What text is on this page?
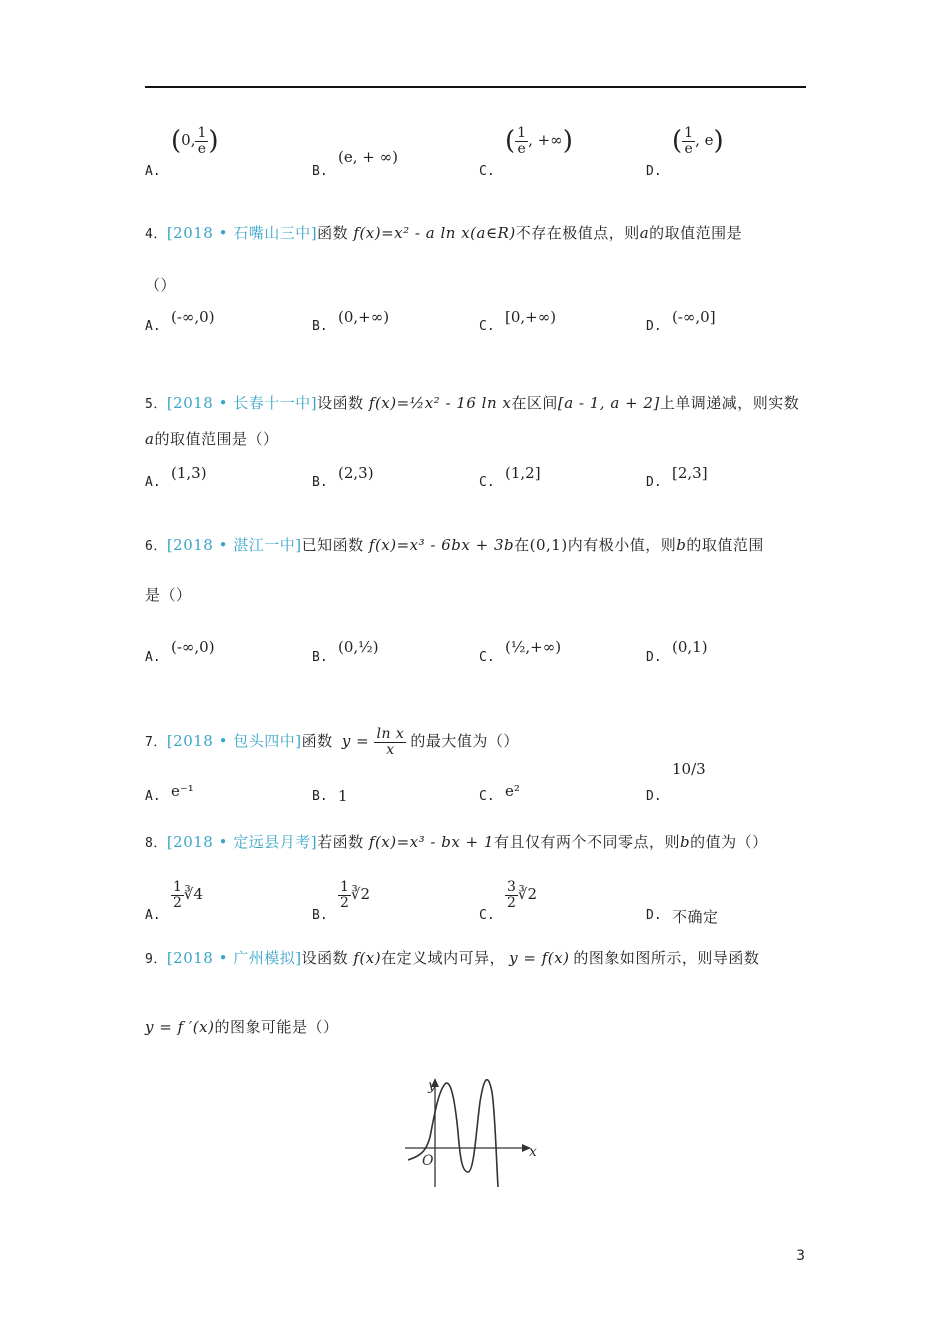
$_{A.}$
(0, $\frac{1}{e}$ )
$_{B.}$
(e, + ∞)
$_{C.}$
( $\frac{1}{e}$ , +∞)
$_{D.}$
( $\frac{1}{e}$ , e)
4．[2018 • 石嘴山三中]函数 f(x)=x² - a ln x(a∈R)不存在极值点，则a的取值范围是
（）
A.
(-∞,0)
B.
(0,+∞)
C.
[0,+∞)
D.
(-∞,0]
5．[2018 • 长春十一中]设函数 f(x)=½x² - 16 ln x在区间[a - 1, a + 2]上单调递减，则实数
a的取值范围是（）
A.
(1,3)
B.
(2,3)
C.
(1,2]
D.
[2,3]
6．[2018 • 湛江一中]已知函数 f(x)=x³ - 6bx + 3b在(0,1)内有极小值，则b的取值范围
是（）
A.
(-∞,0)
B.
(0,½)
C.
(½,+∞)
D.
(0,1)
7．[2018 • 包头四中]函数 $y = \frac{\text{ln x}}{x}$ 的最大值为（）
A. e⁻¹	B. 1	C. e²	D.
10/3
8．[2018 • 定远县月考]若函数 f(x)=x³ - bx + 1有且仅有两个不同零点，则b的值为（）
A.
$\frac{1}{2}$ ∛4
B.
$\frac{1}{2}$ ∛2
C.
$\frac{3}{2}$ ∛2
D. 不确定
9．[2018 • 广州模拟]设函数 f(x)在定义域内可异， y = f(x) 的图象如图所示，则导函数
y = f ′(x)的图象可能是（）
y
x
O
3
